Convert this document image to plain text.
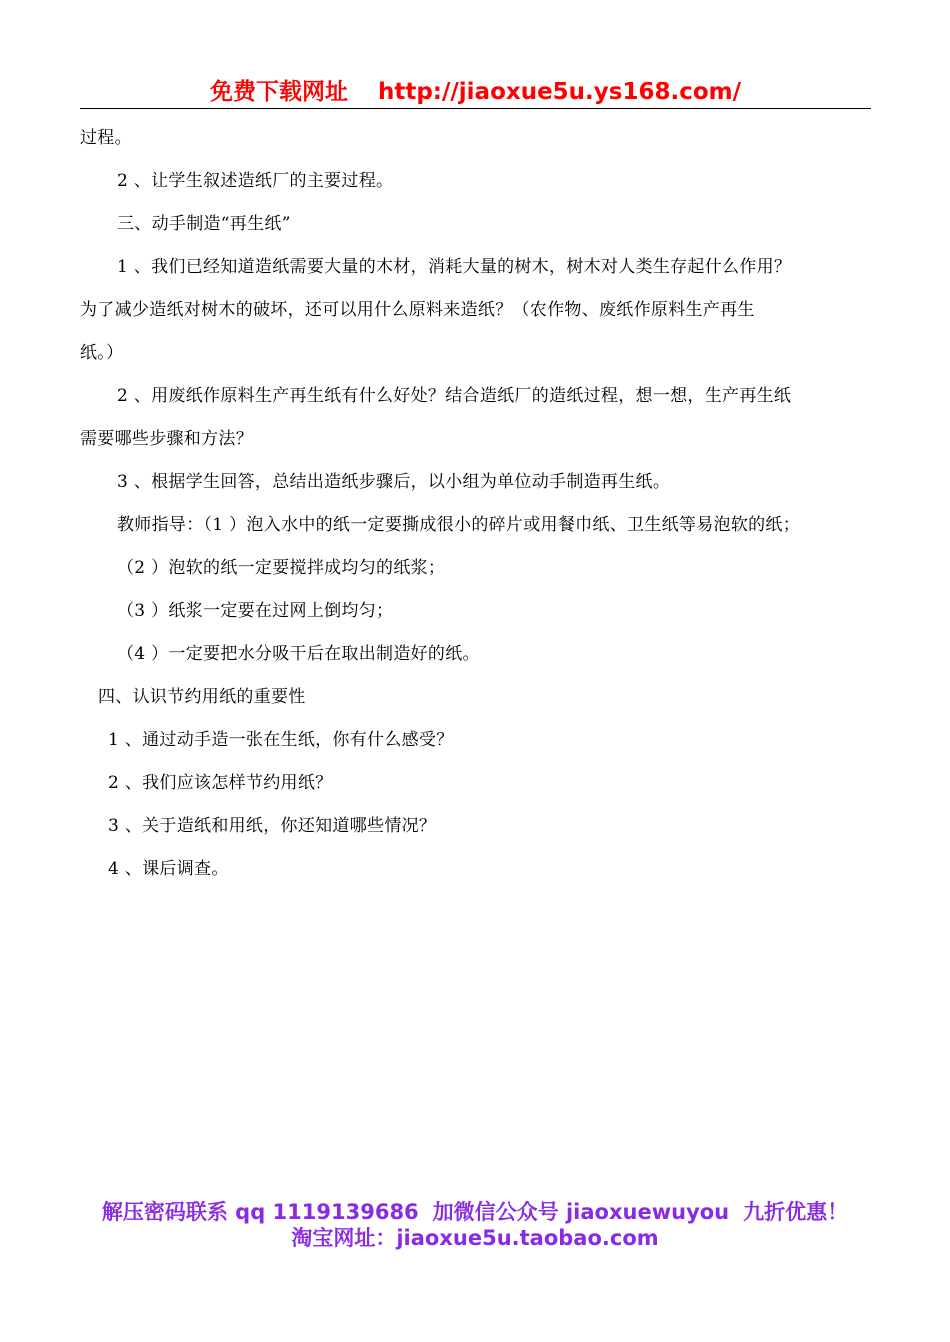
免费下载网址 http://jiaoxue5u.ys168.com/
过程。
2 、让学生叙述造纸厂的主要过程。
三、动手制造“再生纸”
1 、我们已经知道造纸需要大量的木材，消耗大量的树木，树木对人类生存起什么作用？
为了减少造纸对树木的破坏，还可以用什么原料来造纸？（农作物、废纸作原料生产再生
纸。）
2 、用废纸作原料生产再生纸有什么好处？结合造纸厂的造纸过程，想一想，生产再生纸
需要哪些步骤和方法？
3 、根据学生回答，总结出造纸步骤后，以小组为单位动手制造再生纸。
教师指导：（1 ）泡入水中的纸一定要撕成很小的碎片或用餐巾纸、卫生纸等易泡软的纸；
（2 ）泡软的纸一定要搅拌成均匀的纸浆；
（3 ）纸浆一定要在过网上倒均匀；
（4 ）一定要把水分吸干后在取出制造好的纸。
四、认识节约用纸的重要性
1 、通过动手造一张在生纸，你有什么感受？
2 、我们应该怎样节约用纸？
3 、关于造纸和用纸，你还知道哪些情况？
4 、课后调查。
解压密码联系 qq 1119139686 加微信公众号 jiaoxuewuyou 九折优惠！
淘宝网址：jiaoxue5u.taobao.com
